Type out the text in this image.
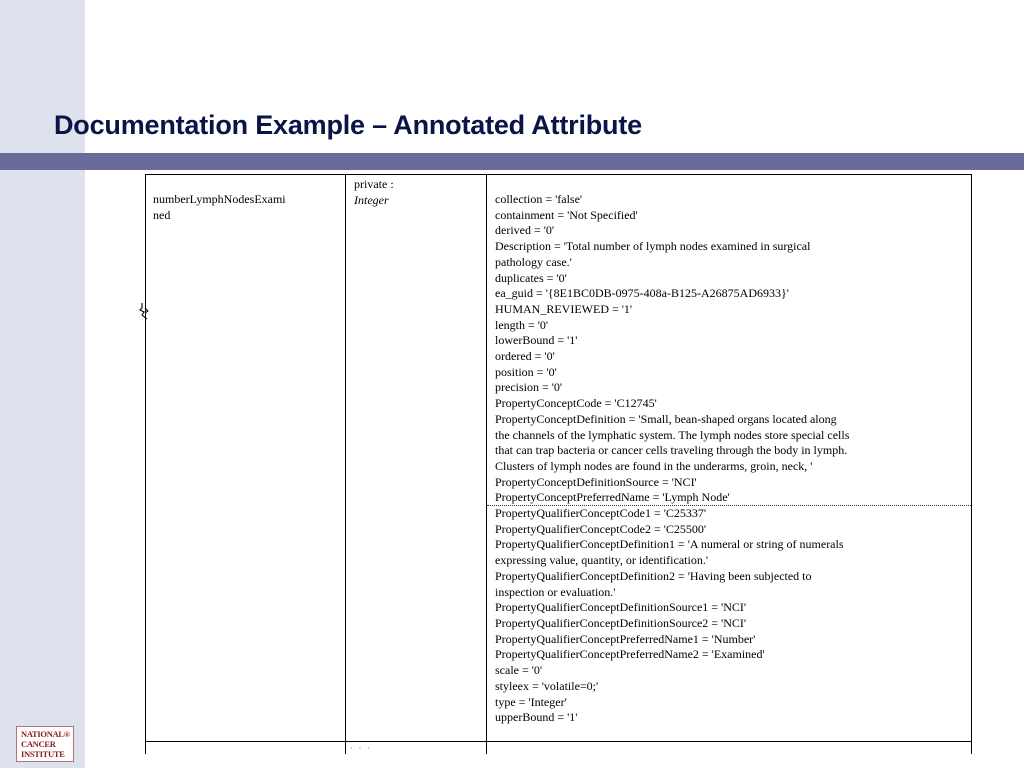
Documentation Example – Annotated Attribute
numberLymphNodesExami
ned
private :
Integer	collection = 'false'
containment = 'Not Specified'
derived = '0'
Description = 'Total number of lymph nodes examined in surgical
pathology case.'
duplicates = '0'
ea_guid = '{8E1BC0DB-0975-408a-B125-A26875AD6933}'
HUMAN_REVIEWED = '1'
length = '0'
lowerBound = '1'
ordered = '0'
position = '0'
precision = '0'
PropertyConceptCode = 'C12745'
PropertyConceptDefinition = 'Small, bean-shaped organs located along
the channels of the lymphatic system. The lymph nodes store special cells
that can trap bacteria or cancer cells traveling through the body in lymph.
Clusters of lymph nodes are found in the underarms, groin, neck, '
PropertyConceptDefinitionSource = 'NCI'
PropertyConceptPreferredName = 'Lymph Node'
PropertyQualifierConceptCode1 = 'C25337'
PropertyQualifierConceptCode2 = 'C25500'
PropertyQualifierConceptDefinition1 = 'A numeral or string of numerals
expressing value, quantity, or identification.'
PropertyQualifierConceptDefinition2 = 'Having been subjected to
inspection or evaluation.'
PropertyQualifierConceptDefinitionSource1 = 'NCI'
PropertyQualifierConceptDefinitionSource2 = 'NCI'
PropertyQualifierConceptPreferredName1 = 'Number'
PropertyQualifierConceptPreferredName2 = 'Examined'
scale = '0'
styleex = 'volatile=0;'
type = 'Integer'
upperBound = '1'
· · ·
NATIONAL®
CANCER
INSTITUTE
